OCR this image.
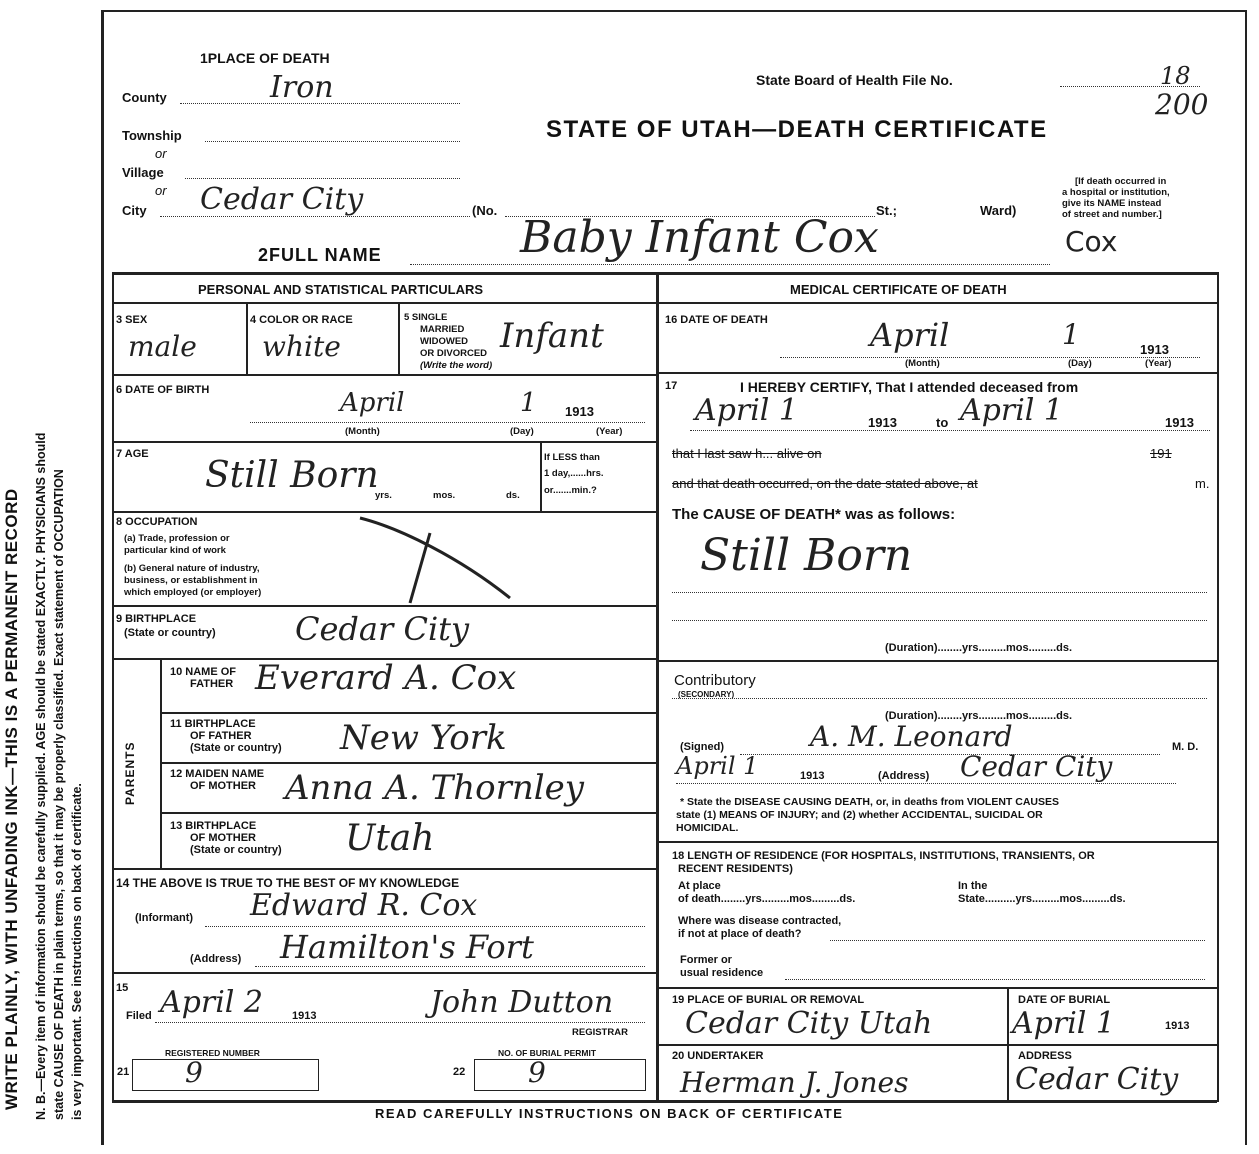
WRITE PLAINLY, WITH UNFADING INK—THIS IS A PERMANENT RECORD N. B.—Every item of information should be carefully supplied. AGE should be stated EXACTLY. PHYSICIANS should state CAUSE OF DEATH in plain terms, so that it may be properly classified. Exact statement of OCCUPATION is very important. See instructions on back of certificate.
1PLACE OF DEATH
County	Iron
Township
or
Village
or
City Cedar City	(No.	St.;	Ward)
State Board of Health File No.	18
200
STATE OF UTAH—DEATH CERTIFICATE
[If death occurred in
a hospital or institution,
give its NAME instead
of street and number.]
2FULL NAME	Baby Infant Cox	Cox
PERSONAL AND STATISTICAL PARTICULARS
3 SEX
male
4 COLOR OR RACE
white
5 SINGLE
MARRIED
WIDOWED
OR DIVORCED
(Write the word)
Infant
6 DATE OF BIRTH	April	1 1913
(Month)	(Day)	(Year)
7 AGE
Still Born
yrs.	mos.	ds.
If LESS than
1 day,......hrs.
or.......min.?
8 OCCUPATION
(a) Trade, profession or
particular kind of work
(b) General nature of industry,
business, or establishment in
which employed (or employer)
9 BIRTHPLACE
(State or country) Cedar City
PARENTS
10 NAME OF
FATHER Everard A. Cox
11 BIRTHPLACE
OF FATHER
(State or country) New York
12 MAIDEN NAME
OF MOTHER Anna A. Thornley
13 BIRTHPLACE
OF MOTHER
(State or country) Utah
14 THE ABOVE IS TRUE TO THE BEST OF MY KNOWLEDGE
(Informant) Edward R. Cox
(Address) Hamilton's Fort
15
Filed April 2	1913	John Dutton
REGISTRAR
REGISTERED NUMBER
21 9
NO. OF BURIAL PERMIT
22 9
MEDICAL CERTIFICATE OF DEATH
16 DATE OF DEATH	April	1	1913
(Month)	(Day)	(Year)
17	I HEREBY CERTIFY, That I attended deceased from
April 1	1913	to April 1	1913
that I last saw h... alive on	191
and that death occurred, on the date stated above, at	m.
The CAUSE OF DEATH* was as follows:
Still Born
(Duration)........yrs.........mos.........ds.
Contributory
(SECONDARY)
(Duration)........yrs.........mos.........ds.
(Signed)	A. M. Leonard	M. D.
April 1	1913	(Address) Cedar City
* State the DISEASE CAUSING DEATH, or, in deaths from VIOLENT CAUSES
state (1) MEANS OF INJURY; and (2) whether ACCIDENTAL, SUICIDAL OR
HOMICIDAL.
18 LENGTH OF RESIDENCE (FOR HOSPITALS, INSTITUTIONS, TRANSIENTS, OR
RECENT RESIDENTS)
At place
of death........yrs.........mos.........ds.
In the
State..........yrs.........mos.........ds.
Where was disease contracted,
if not at place of death?
Former or
usual residence
19 PLACE OF BURIAL OR REMOVAL
Cedar City Utah
DATE OF BURIAL
April 1	1913
20 UNDERTAKER
Herman J. Jones
ADDRESS
Cedar City
READ CAREFULLY INSTRUCTIONS ON BACK OF CERTIFICATE
